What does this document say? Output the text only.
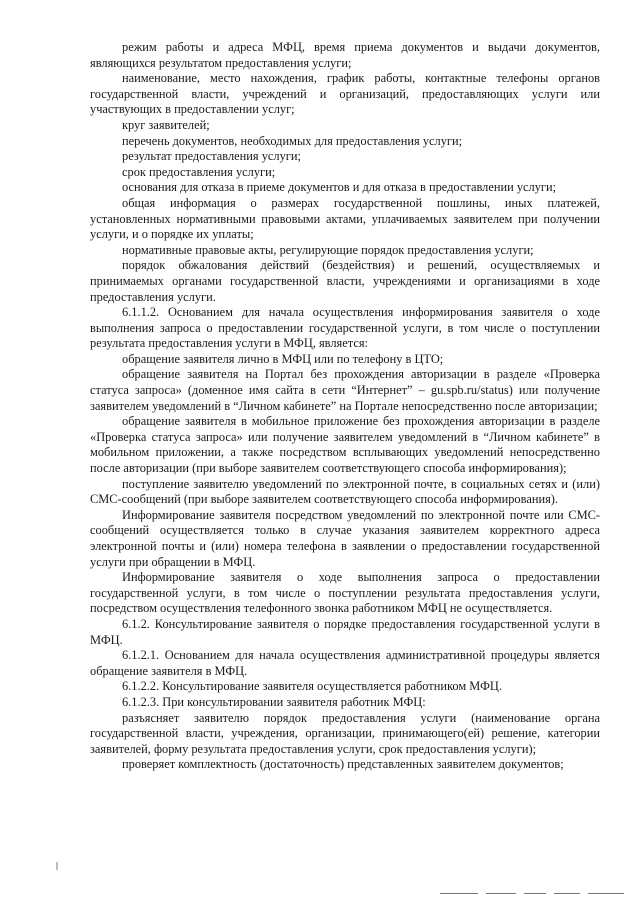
режим работы и адреса МФЦ, время приема документов и выдачи документов, являющихся результатом предоставления услуги;

наименование, место нахождения, график работы, контактные телефоны органов государственной власти, учреждений и организаций, предоставляющих услуги или участвующих в предоставлении услуг;

круг заявителей;

перечень документов, необходимых для предоставления услуги;

результат предоставления услуги;

срок предоставления услуги;

основания для отказа в приеме документов и для отказа в предоставлении услуги;

общая информация о размерах государственной пошлины, иных платежей, установленных нормативными правовыми актами, уплачиваемых заявителем при получении услуги, и о порядке их уплаты;

нормативные правовые акты, регулирующие порядок предоставления услуги;

порядок обжалования действий (бездействия) и решений, осуществляемых и принимаемых органами государственной власти, учреждениями и организациями в ходе предоставления услуги.

6.1.1.2. Основанием для начала осуществления информирования заявителя о ходе выполнения запроса о предоставлении государственной услуги, в том числе о поступлении результата предоставления услуги в МФЦ, является:

обращение заявителя лично в МФЦ или по телефону в ЦТО;

обращение заявителя на Портал без прохождения авторизации в разделе «Проверка статуса запроса» (доменное имя сайта в сети “Интернет” – gu.spb.ru/status) или получение заявителем уведомлений в “Личном кабинете” на Портале непосредственно после авторизации;

обращение заявителя в мобильное приложение без прохождения авторизации в разделе «Проверка статуса запроса» или получение заявителем уведомлений в “Личном кабинете” в мобильном приложении, а также посредством всплывающих уведомлений непосредственно после авторизации (при выборе заявителем соответствующего способа информирования);

поступление заявителю уведомлений по электронной почте, в социальных сетях и (или) СМС-сообщений (при выборе заявителем соответствующего способа информирования).

Информирование заявителя посредством уведомлений по электронной почте или СМС-сообщений осуществляется только в случае указания заявителем корректного адреса электронной почты и (или) номера телефона в заявлении о предоставлении государственной услуги при обращении в МФЦ.

Информирование заявителя о ходе выполнения запроса о предоставлении государственной услуги, в том числе о поступлении результата предоставления услуги, посредством осуществления телефонного звонка работником МФЦ не осуществляется.

6.1.2. Консультирование заявителя о порядке предоставления государственной услуги в МФЦ.

6.1.2.1. Основанием для начала осуществления административной процедуры является обращение заявителя в МФЦ.

6.1.2.2. Консультирование заявителя осуществляется работником МФЦ.

6.1.2.3. При консультировании заявителя работник МФЦ:

разъясняет заявителю порядок предоставления услуги (наименование органа государственной власти, учреждения, организации, принимающего(ей) решение, категории заявителей, форму результата предоставления услуги, срок предоставления услуги);

проверяет комплектность (достаточность) представленных заявителем документов;
